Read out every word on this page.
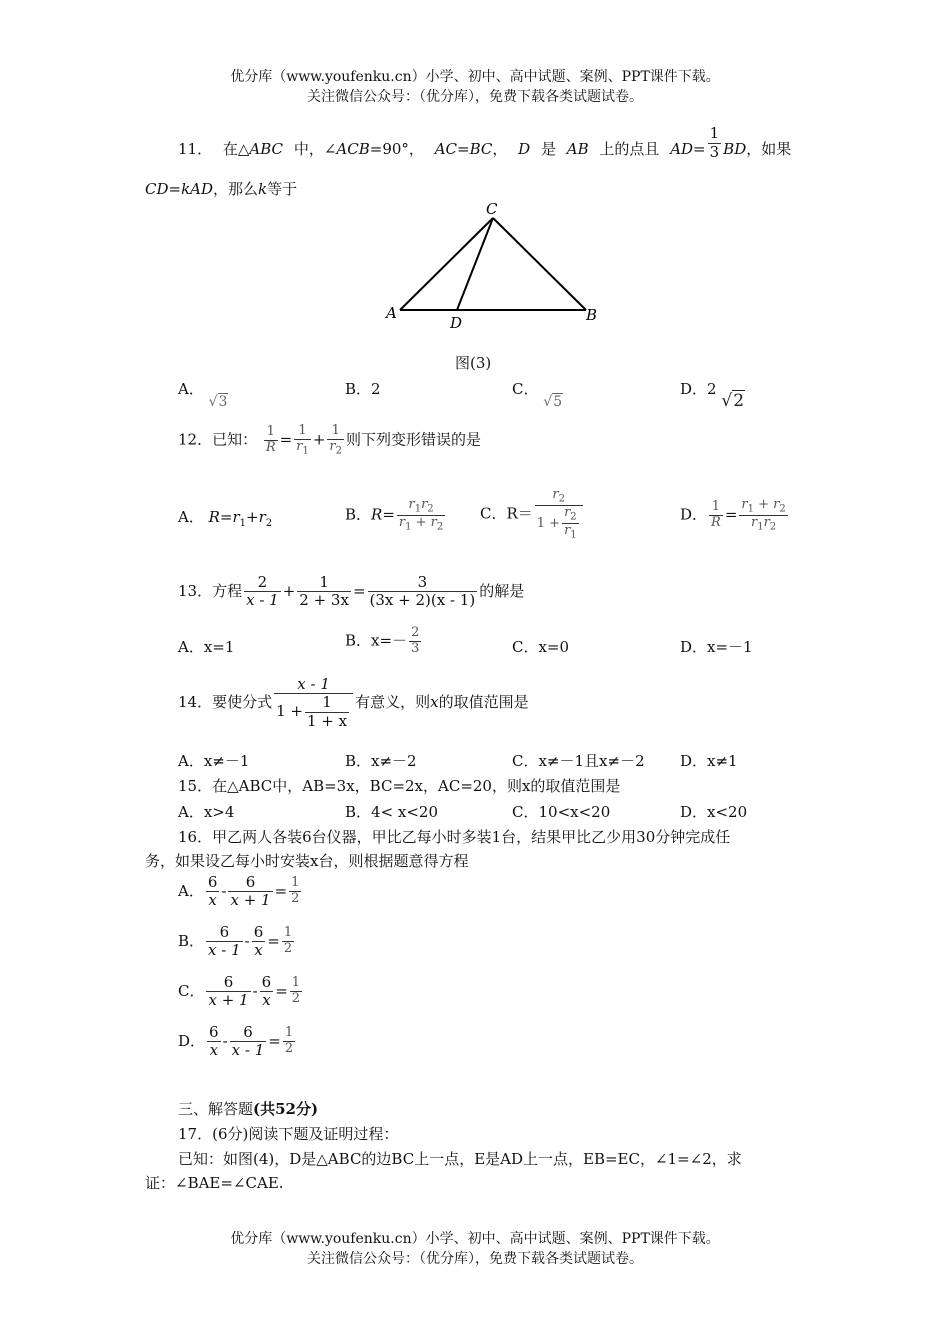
优分库（www.youfenku.cn）小学、初中、高中试题、案例、PPT课件下载。
关注微信公众号：（优分库），免费下载各类试题试卷。
11． 在△ABC 中，∠ACB=90°， AC=BC， D 是 AB 上的点且 $AD= \frac{1}{3}$ BD，如果
CD=kAD，那么k等于
A	B
C
D
图(3)
A． √3
B．2	C． √5
D．2 √2
12．已知： $\frac{1}{R} = \frac{1}{r_1} + \frac{1}{r_2}$ 则下列变形错误的是
A． $R=r_1+r_2$	B．$R= \frac{r_1r_2}{r_1 + r_2}$ C．$R= \frac{r_2}{1 + \frac{r_2}{r_1}}$	D． $\frac{1}{R} = \frac{r_1 + r_2}{r_1r_2}$
13．方程 $\frac{2}{x - 1} + \frac{1}{2 + 3x} = \frac{3}{(3x + 2)(x - 1)}$ 的解是
A．x=1	B．$x=- \frac{2}{3}$	C．x=0	D．x=－1
14．要使分式 $\frac{x - 1}{1 + \frac{1}{1 + x}}$ 有意义，则x的取值范围是
A．x≠－1	B．x≠－2	C．x≠－1且x≠－2 D．x≠1
15．在△ABC中，AB=3x，BC=2x，AC=20，则x的取值范围是
A．x>4	B．4< x<20	C．10<x<20	D．x<20
16．甲乙两人各装6台仪器，甲比乙每小时多装1台，结果甲比乙少用30分钟完成任
务，如果设乙每小时安装x台，则根据题意得方程
A． $\frac{6}{x} - \frac{6}{x + 1} = \frac{1}{2}$
B． $\frac{6}{x - 1} - \frac{6}{x} = \frac{1}{2}$
C． $\frac{6}{x + 1} - \frac{6}{x} = \frac{1}{2}$
D． $\frac{6}{x} - \frac{6}{x - 1} = \frac{1}{2}$
三、解答题(共52分)
17．(6分)阅读下题及证明过程：
已知：如图(4)，D是△ABC的边BC上一点，E是AD上一点，EB=EC，∠1=∠2，求
证：∠BAE=∠CAE.
优分库（www.youfenku.cn）小学、初中、高中试题、案例、PPT课件下载。
关注微信公众号：（优分库），免费下载各类试题试卷。
